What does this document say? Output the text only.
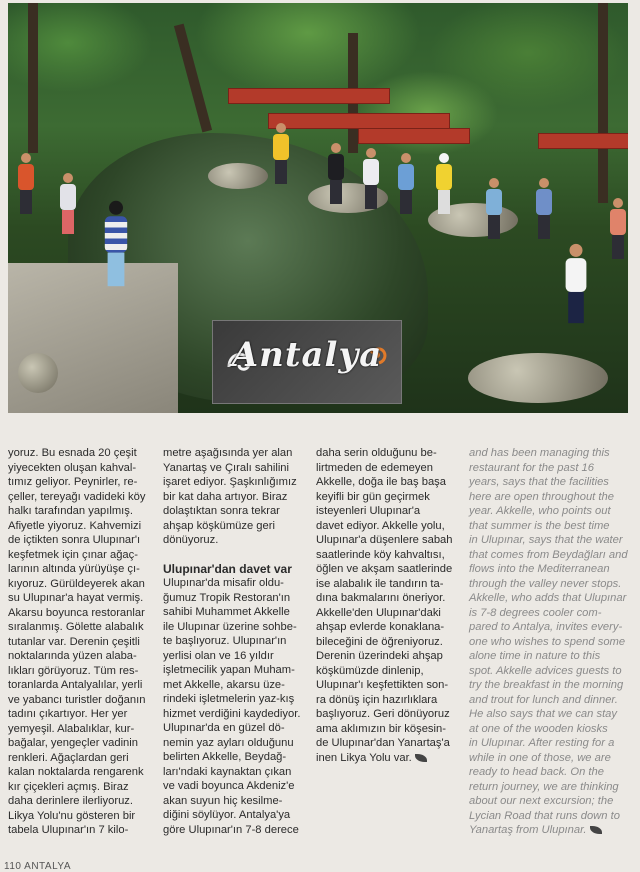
Antalya

yoruz. Bu esnada 20 çeşit
yiyecekten oluşan kahval-
tımız geliyor. Peynirler, re-
çeller, tereyağı vadideki köy
halkı tarafından yapılmış.
Afiyetle yiyoruz. Kahvemizi
de içtikten sonra Ulupınar'ı
keşfetmek için çınar ağaç-
larının altında yürüyüşe çı-
kıyoruz. Gürüldeyerek akan
su Ulupınar'a hayat vermiş.
Akarsu boyunca restoranlar
sıralanmış. Gölette alabalık
tutanlar var. Derenin çeşitli
noktalarında yüzen alaba-
lıkları görüyoruz. Tüm res-
toranlarda Antalyalılar, yerli
ve yabancı turistler doğanın
tadını çıkartıyor. Her yer
yemyeşil. Alabalıklar, kur-
bağalar, yengeçler vadinin
renkleri. Ağaçlardan geri
kalan noktalarda rengarenk
kır çiçekleri açmış. Biraz
daha derinlere ilerliyoruz.
Likya Yolu'nu gösteren bir
tabela Ulupınar'ın 7 kilo-

metre aşağısında yer alan
Yanartaş ve Çıralı sahilini
işaret ediyor. Şaşkınlığımız
bir kat daha artıyor. Biraz
dolaştıktan sonra tekrar
ahşap köşkümüze geri
dönüyoruz.

Ulupınar'dan davet var

Ulupınar'da misafir oldu-
ğumuz Tropik Restoran'ın
sahibi Muhammet Akkelle
ile Ulupınar üzerine sohbe-
te başlıyoruz. Ulupınar'ın
yerlisi olan ve 16 yıldır
işletmecilik yapan Muham-
met Akkelle, akarsu üze-
rindeki işletmelerin yaz-kış
hizmet verdiğini kaydediyor.
Ulupınar'da en güzel dö-
nemin yaz ayları olduğunu
belirten Akkelle, Beydağ-
ları'ndaki kaynaktan çıkan
ve vadi boyunca Akdeniz'e
akan suyun hiç kesilme-
diğini söylüyor. Antalya'ya
göre Ulupınar'ın 7-8 derece

daha serin olduğunu be-
lirtmeden de edemeyen
Akkelle, doğa ile baş başa
keyifli bir gün geçirmek
isteyenleri Ulupınar'a
davet ediyor. Akkelle yolu,
Ulupınar'a düşenlere sabah
saatlerinde köy kahvaltısı,
öğlen ve akşam saatlerinde
ise alabalık ile tandırın ta-
dına bakmalarını öneriyor.
Akkelle'den Ulupınar'daki
ahşap evlerde konaklana-
bileceğini de öğreniyoruz.
Derenin üzerindeki ahşap
köşkümüzde dinlenip,
Ulupınar'ı keşfettikten son-
ra dönüş için hazırlıklara
başlıyoruz. Geri dönüyoruz
ama aklımızın bir köşesin-
de Ulupınar'dan Yanartaş'a
inen Likya Yolu var.

and has been managing this
restaurant for the past 16
years, says that the facilities
here are open throughout the
year. Akkelle, who points out
that summer is the best time
in Ulupınar, says that the water
that comes from Beydağları and
flows into the Mediterranean
through the valley never stops.
Akkelle, who adds that Ulupınar
is 7-8 degrees cooler com-
pared to Antalya, invites every-
one who wishes to spend some
alone time in nature to this
spot. Akkelle advices guests to
try the breakfast in the morning
and trout for lunch and dinner.
He also says that we can stay
at one of the wooden kiosks
in Ulupınar. After resting for a
while in one of those, we are
ready to head back. On the
return journey, we are thinking
about our next excursion; the
Lycian Road that runs down to
Yanartaş from Ulupınar.

110 ANTALYA
